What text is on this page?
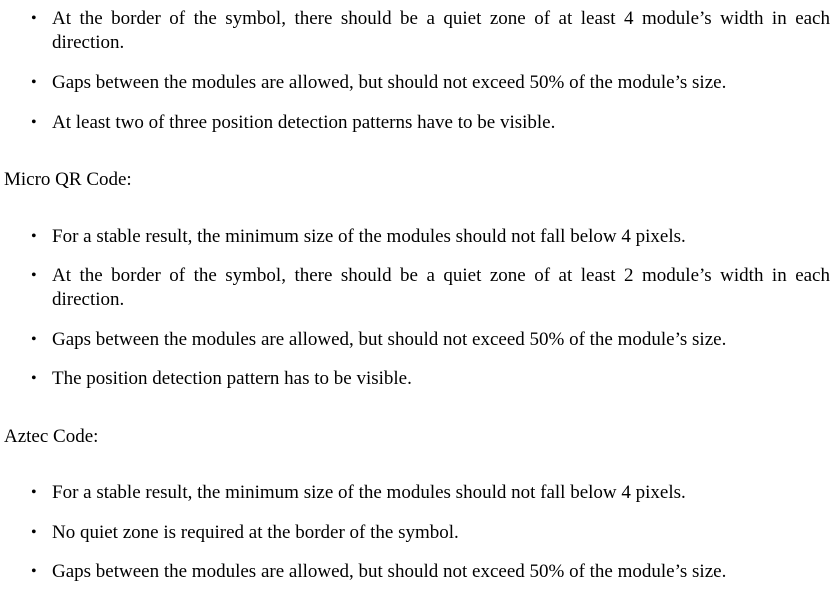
• At the border of the symbol, there should be a quiet zone of at least 4 module’s width in each direction.
• Gaps between the modules are allowed, but should not exceed 50% of the module’s size.
• At least two of three position detection patterns have to be visible.
Micro QR Code:
• For a stable result, the minimum size of the modules should not fall below 4 pixels.
• At the border of the symbol, there should be a quiet zone of at least 2 module’s width in each direction.
• Gaps between the modules are allowed, but should not exceed 50% of the module’s size.
• The position detection pattern has to be visible.
Aztec Code:
• For a stable result, the minimum size of the modules should not fall below 4 pixels.
• No quiet zone is required at the border of the symbol.
• Gaps between the modules are allowed, but should not exceed 50% of the module’s size.
